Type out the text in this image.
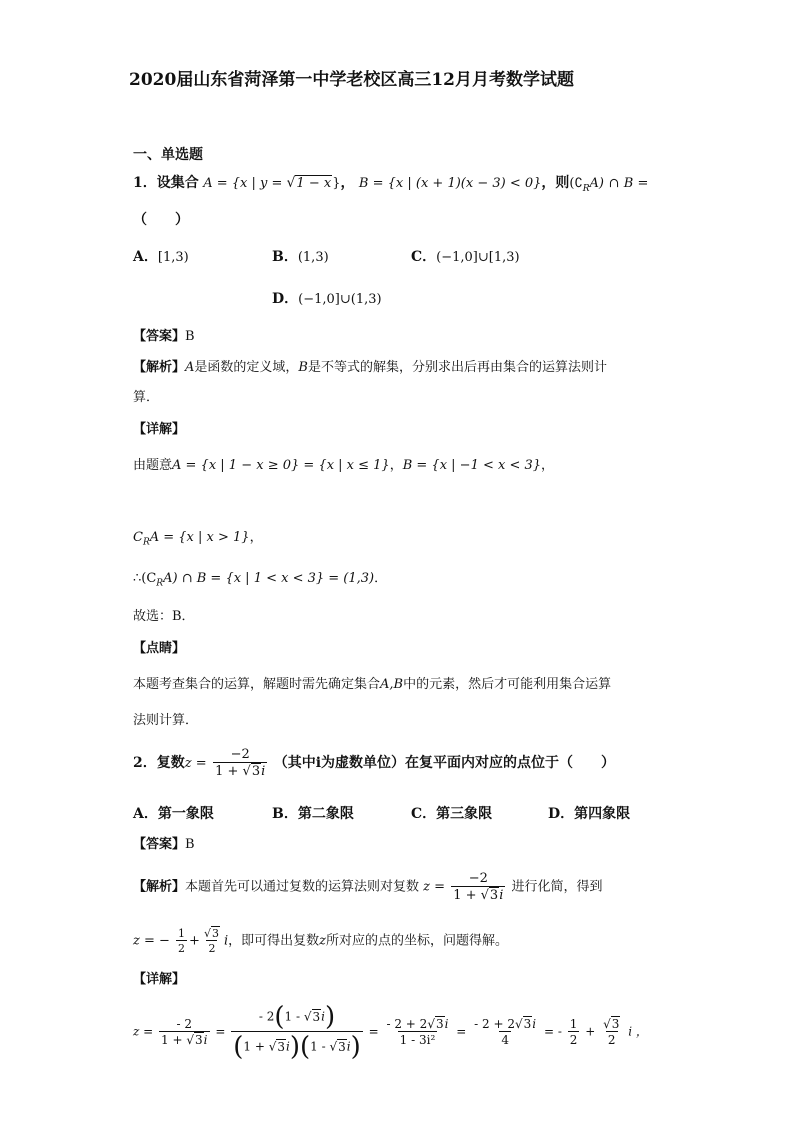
2020届山东省菏泽第一中学老校区高三12月月考数学试题
一、单选题
1．设集合 A = {x | y = √1 − x}， B = {x | (x + 1)(x − 3) < 0}，则$(∁_RA)$ ∩ B =
（　　）
A．[1,3)	B．(1,3)	C．(−1,0]∪[1,3)
D．(−1,0]∪(1,3)
【答案】B
【解析】A是函数的定义域，B是不等式的解集，分别求出后再由集合的运算法则计
算．
【详解】
由题意A = {x | 1 − x ≥ 0} = {x | x ≤ 1}，B = {x | −1 < x < 3}，
$C_RA = \{x$ | x > 1}，
$\therefore(C_RA)$ ∩ B = {x | 1 < x < 3} = (1,3)．
故选：B．
【点睛】
本题考查集合的运算，解题时需先确定集合A,B中的元素，然后才可能利用集合运算
法则计算．
2．复数$z = \frac{-2}{1 + √3i}$ （其中i为虚数单位）在复平面内对应的点位于（　　）
A．第一象限	B．第二象限	C．第三象限	D．第四象限
【答案】B
【解析】本题首先可以通过复数的运算法则对复数 $z = \frac{-2}{1 + √3i}$ 进行化简，得到
z = − $\frac{1}{2} + \frac{√3}{2}$ i，即可得出复数z所对应的点的坐标，问题得解。
【详解】
$z = \frac{- 2}{1 + √3i} = \frac{- 2(1 - √3i)}{(1 + √3i)(1 - √3i)} = \frac{- 2 + 2√3i}{\text{1 - 3i²}} = \frac{- 2 + 2√3i}{4}$ = - $\frac{1}{2} + \frac{√3}{2}$ i ，
